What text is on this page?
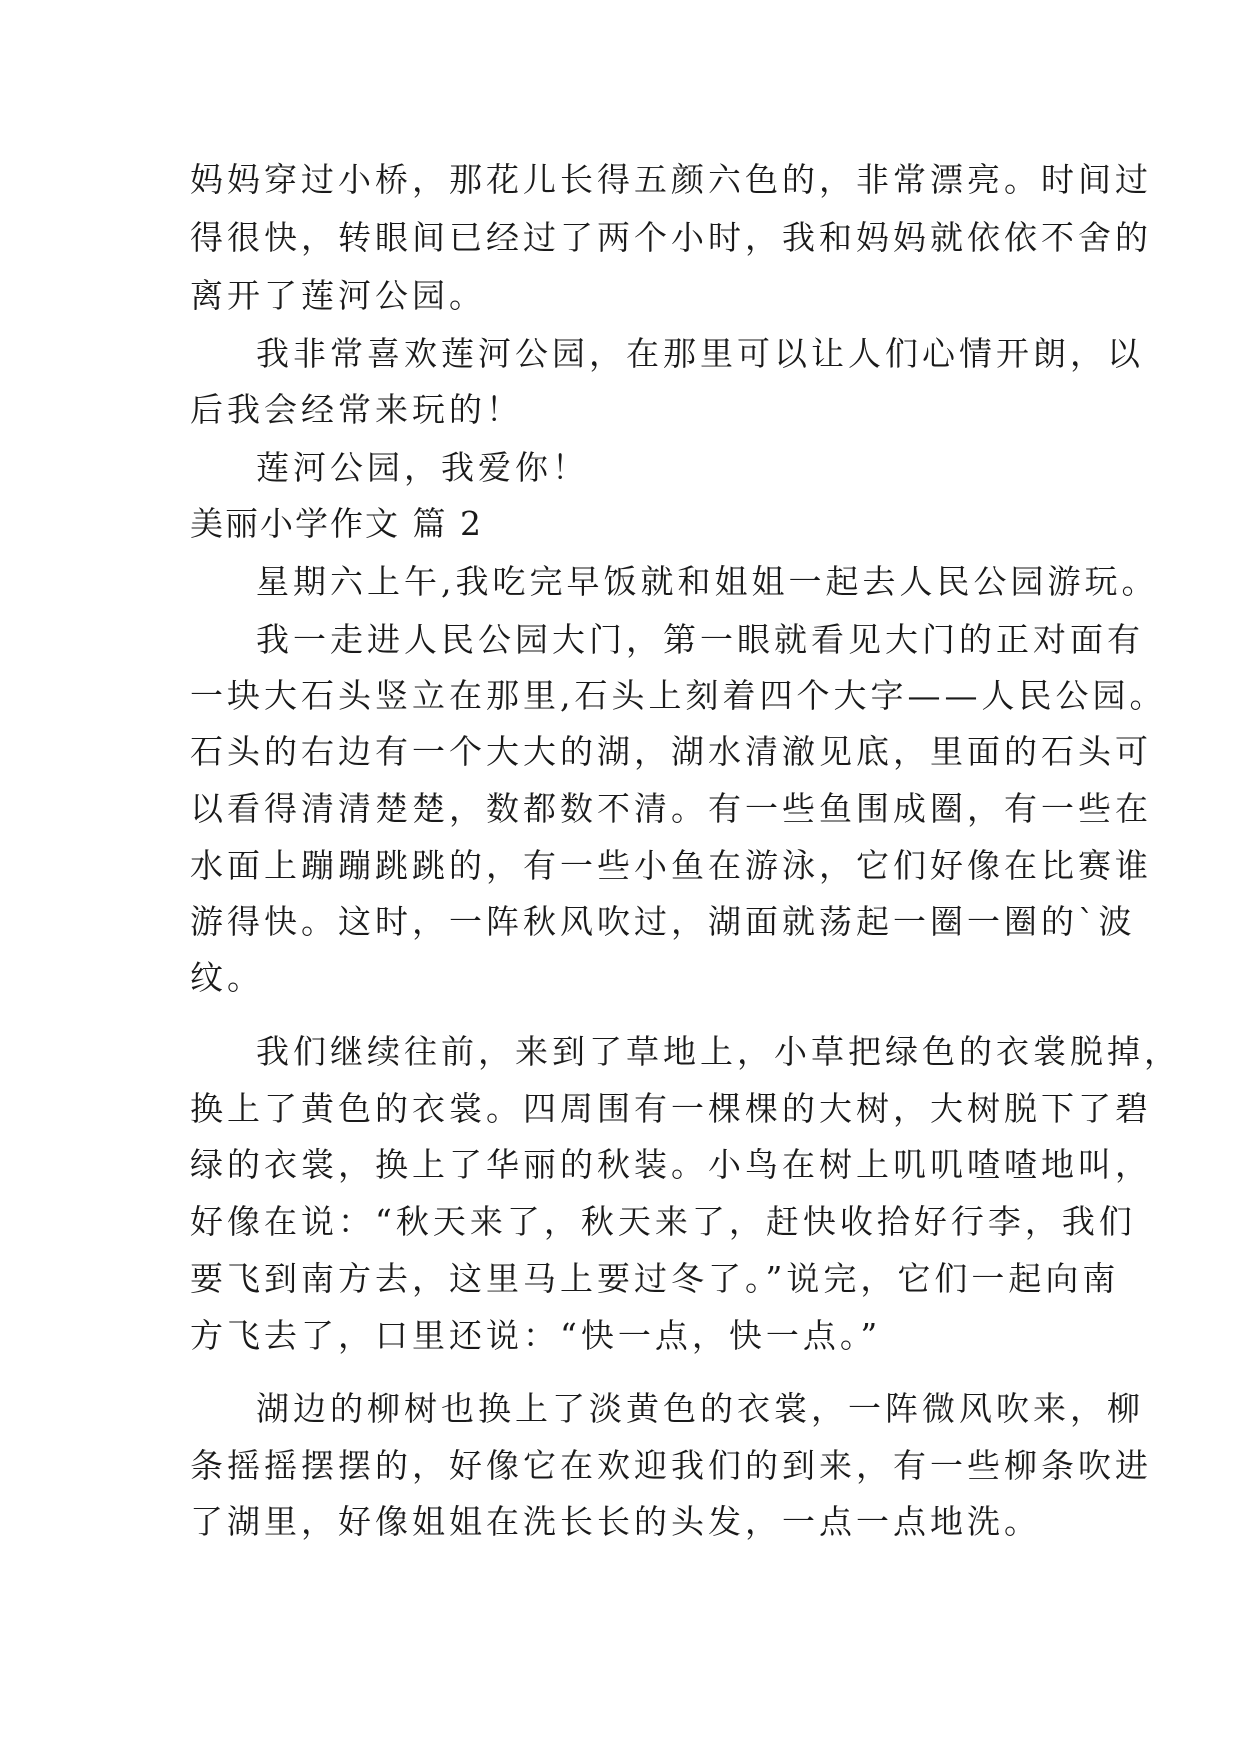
妈妈穿过小桥，那花儿长得五颜六色的，非常漂亮。时间过
得很快，转眼间已经过了两个小时，我和妈妈就依依不舍的
离开了莲河公园。
我非常喜欢莲河公园，在那里可以让人们心情开朗，以
后我会经常来玩的！
莲河公园，我爱你！
美丽小学作文 篇 2
星期六上午,我吃完早饭就和姐姐一起去人民公园游玩。
我一走进人民公园大门，第一眼就看见大门的正对面有
一块大石头竖立在那里,石头上刻着四个大字——人民公园。
石头的右边有一个大大的湖，湖水清澈见底，里面的石头可
以看得清清楚楚，数都数不清。有一些鱼围成圈，有一些在
水面上蹦蹦跳跳的，有一些小鱼在游泳，它们好像在比赛谁
游得快。这时，一阵秋风吹过，湖面就荡起一圈一圈的`波
纹。
我们继续往前，来到了草地上，小草把绿色的衣裳脱掉，
换上了黄色的衣裳。四周围有一棵棵的大树，大树脱下了碧
绿的衣裳，换上了华丽的秋装。小鸟在树上叽叽喳喳地叫，
好像在说：“秋天来了，秋天来了，赶快收拾好行李，我们
要飞到南方去，这里马上要过冬了。”说完，它们一起向南
方飞去了，口里还说：“快一点，快一点。”
湖边的柳树也换上了淡黄色的衣裳，一阵微风吹来，柳
条摇摇摆摆的，好像它在欢迎我们的到来，有一些柳条吹进
了湖里，好像姐姐在洗长长的头发，一点一点地洗。
